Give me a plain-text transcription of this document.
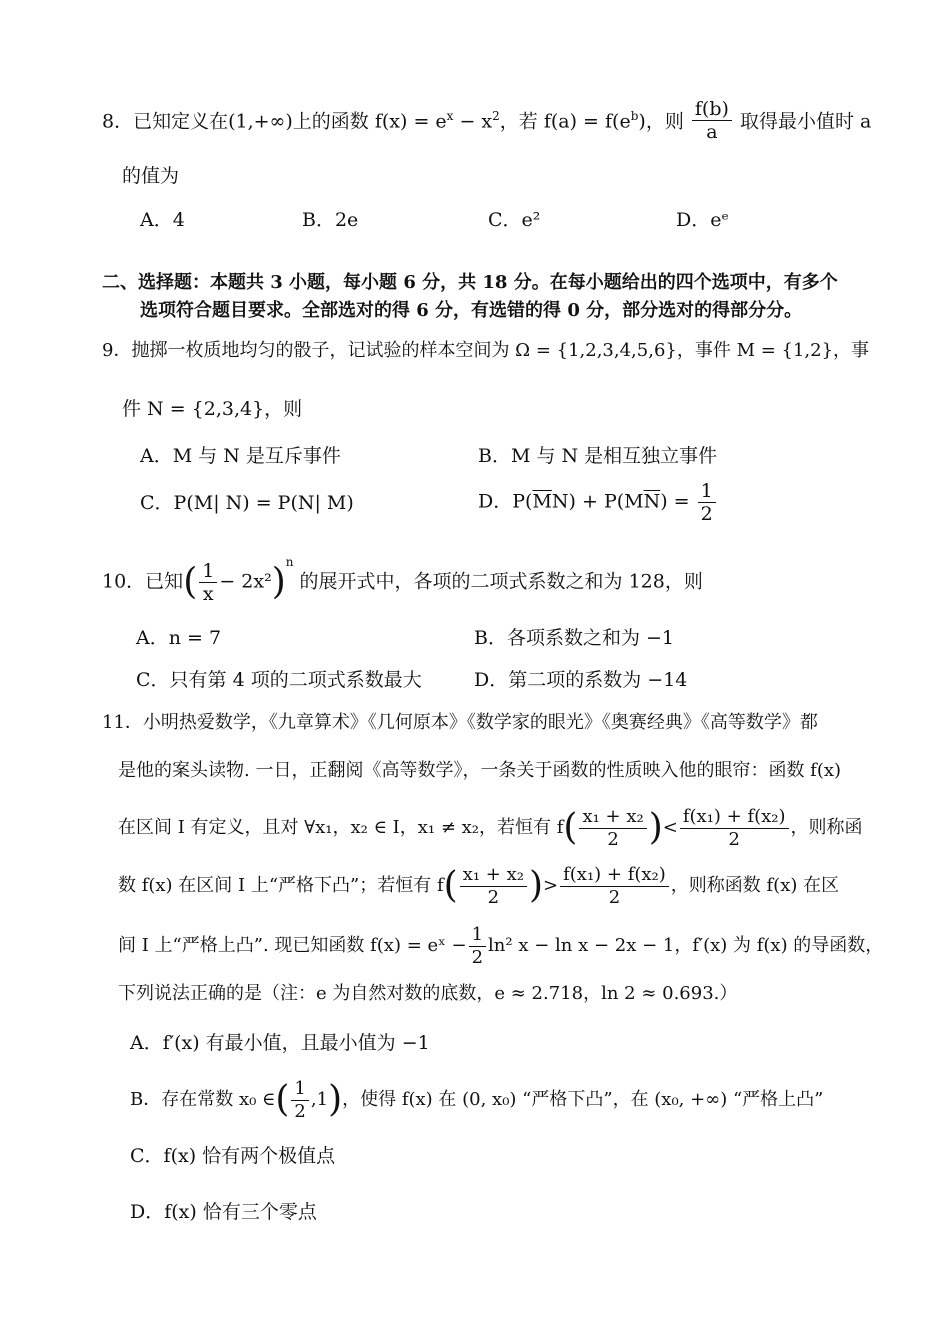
8．已知定义在(1,+∞)上的函数 $f(x) = e^x - x^2$，若 $f(a) = f(e^b)$，则 $\frac{f(b)}{a}$ 取得最小值时 a
的值为
A．4	B．2e	C．e²	D．eᵉ
二、选择题：本题共 3 小题，每小题 6 分，共 18 分。在每小题给出的四个选项中，有多个
选项符合题目要求。全部选对的得 6 分，有选错的得 0 分，部分选对的得部分分。
9．抛掷一枚质地均匀的骰子，记试验的样本空间为 Ω = {1,2,3,4,5,6}，事件 M = {1,2}，事
件 N = {2,3,4}，则
A．M 与 N 是互斥事件	B．M 与 N 是相互独立事件
C．P(M| N) = P(N| M)	D．$P(\overline{M}N) + P(M\overline{N}) = \frac{1}{2}$
10．已知( $\frac{1}{x} - 2x^2)^n$ 的展开式中，各项的二项式系数之和为 128，则
A．n = 7	B．各项系数之和为 −1
C．只有第 4 项的二项式系数最大	D．第二项的系数为 −14
11．小明热爱数学，《九章算术》《几何原本》《数学家的眼光》《奥赛经典》《高等数学》都
是他的案头读物. 一日，正翻阅《高等数学》，一条关于函数的性质映入他的眼帘：函数 f(x)
在区间 I 有定义，且对 ∀x₁，x₂ ∈ I，x₁ ≠ x₂，若恒有 $f( \frac{\text{x₁ + x₂}}{2}$ )< $\frac{\text{f(x₁) + f(x₂)}}{2}$ ，则称函
数 f(x) 在区间 I 上“严格下凸”；若恒有 $f( \frac{\text{x₁ + x₂}}{2}$ )> $\frac{\text{f(x₁) + f(x₂)}}{2}$ ，则称函数 f(x) 在区
间 I 上“严格上凸”. 现已知函数 f(x) = eˣ − $\frac{1}{2} \ln^2$ x − ln x − 2x − 1，f′(x) 为 f(x) 的导函数，
下列说法正确的是（注：e 为自然对数的底数，e ≈ 2.718，ln 2 ≈ 0.693.）
A．f′(x) 有最小值，且最小值为 −1
B．存在常数 x₀ ∈( $\frac{1}{2} ,1$)，使得 f(x) 在 (0, x₀) “严格下凸”，在 (x₀, +∞) “严格上凸”
C．f(x) 恰有两个极值点
D．f(x) 恰有三个零点
